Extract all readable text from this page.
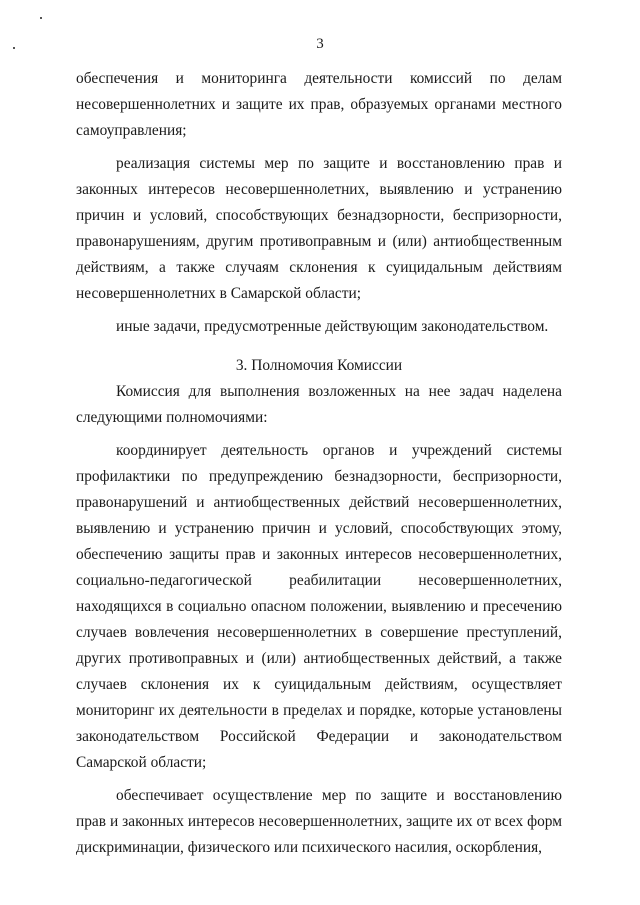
3

обеспечения и мониторинга деятельности комиссий по делам несовершеннолетних и защите их прав, образуемых органами местного самоуправления;

реализация системы мер по защите и восстановлению прав и законных интересов несовершеннолетних, выявлению и устранению причин и условий, способствующих безнадзорности, беспризорности, правонарушениям, другим противоправным и (или) антиобщественным действиям, а также случаям склонения к суицидальным действиям несовершеннолетних в Самарской области;

иные задачи, предусмотренные действующим законодательством.

3. Полномочия Комиссии

Комиссия для выполнения возложенных на нее задач наделена следующими полномочиями:

координирует деятельность органов и учреждений системы профилактики по предупреждению безнадзорности, беспризорности, правонарушений и антиобщественных действий несовершеннолетних, выявлению и устранению причин и условий, способствующих этому, обеспечению защиты прав и законных интересов несовершеннолетних, социально-педагогической реабилитации несовершеннолетних, находящихся в социально опасном положении, выявлению и пресечению случаев вовлечения несовершеннолетних в совершение преступлений, других противоправных и (или) антиобщественных действий, а также случаев склонения их к суицидальным действиям, осуществляет мониторинг их деятельности в пределах и порядке, которые установлены законодательством Российской Федерации и законодательством Самарской области;

обеспечивает осуществление мер по защите и восстановлению прав и законных интересов несовершеннолетних, защите их от всех форм дискриминации, физического или психического насилия, оскорбления,
